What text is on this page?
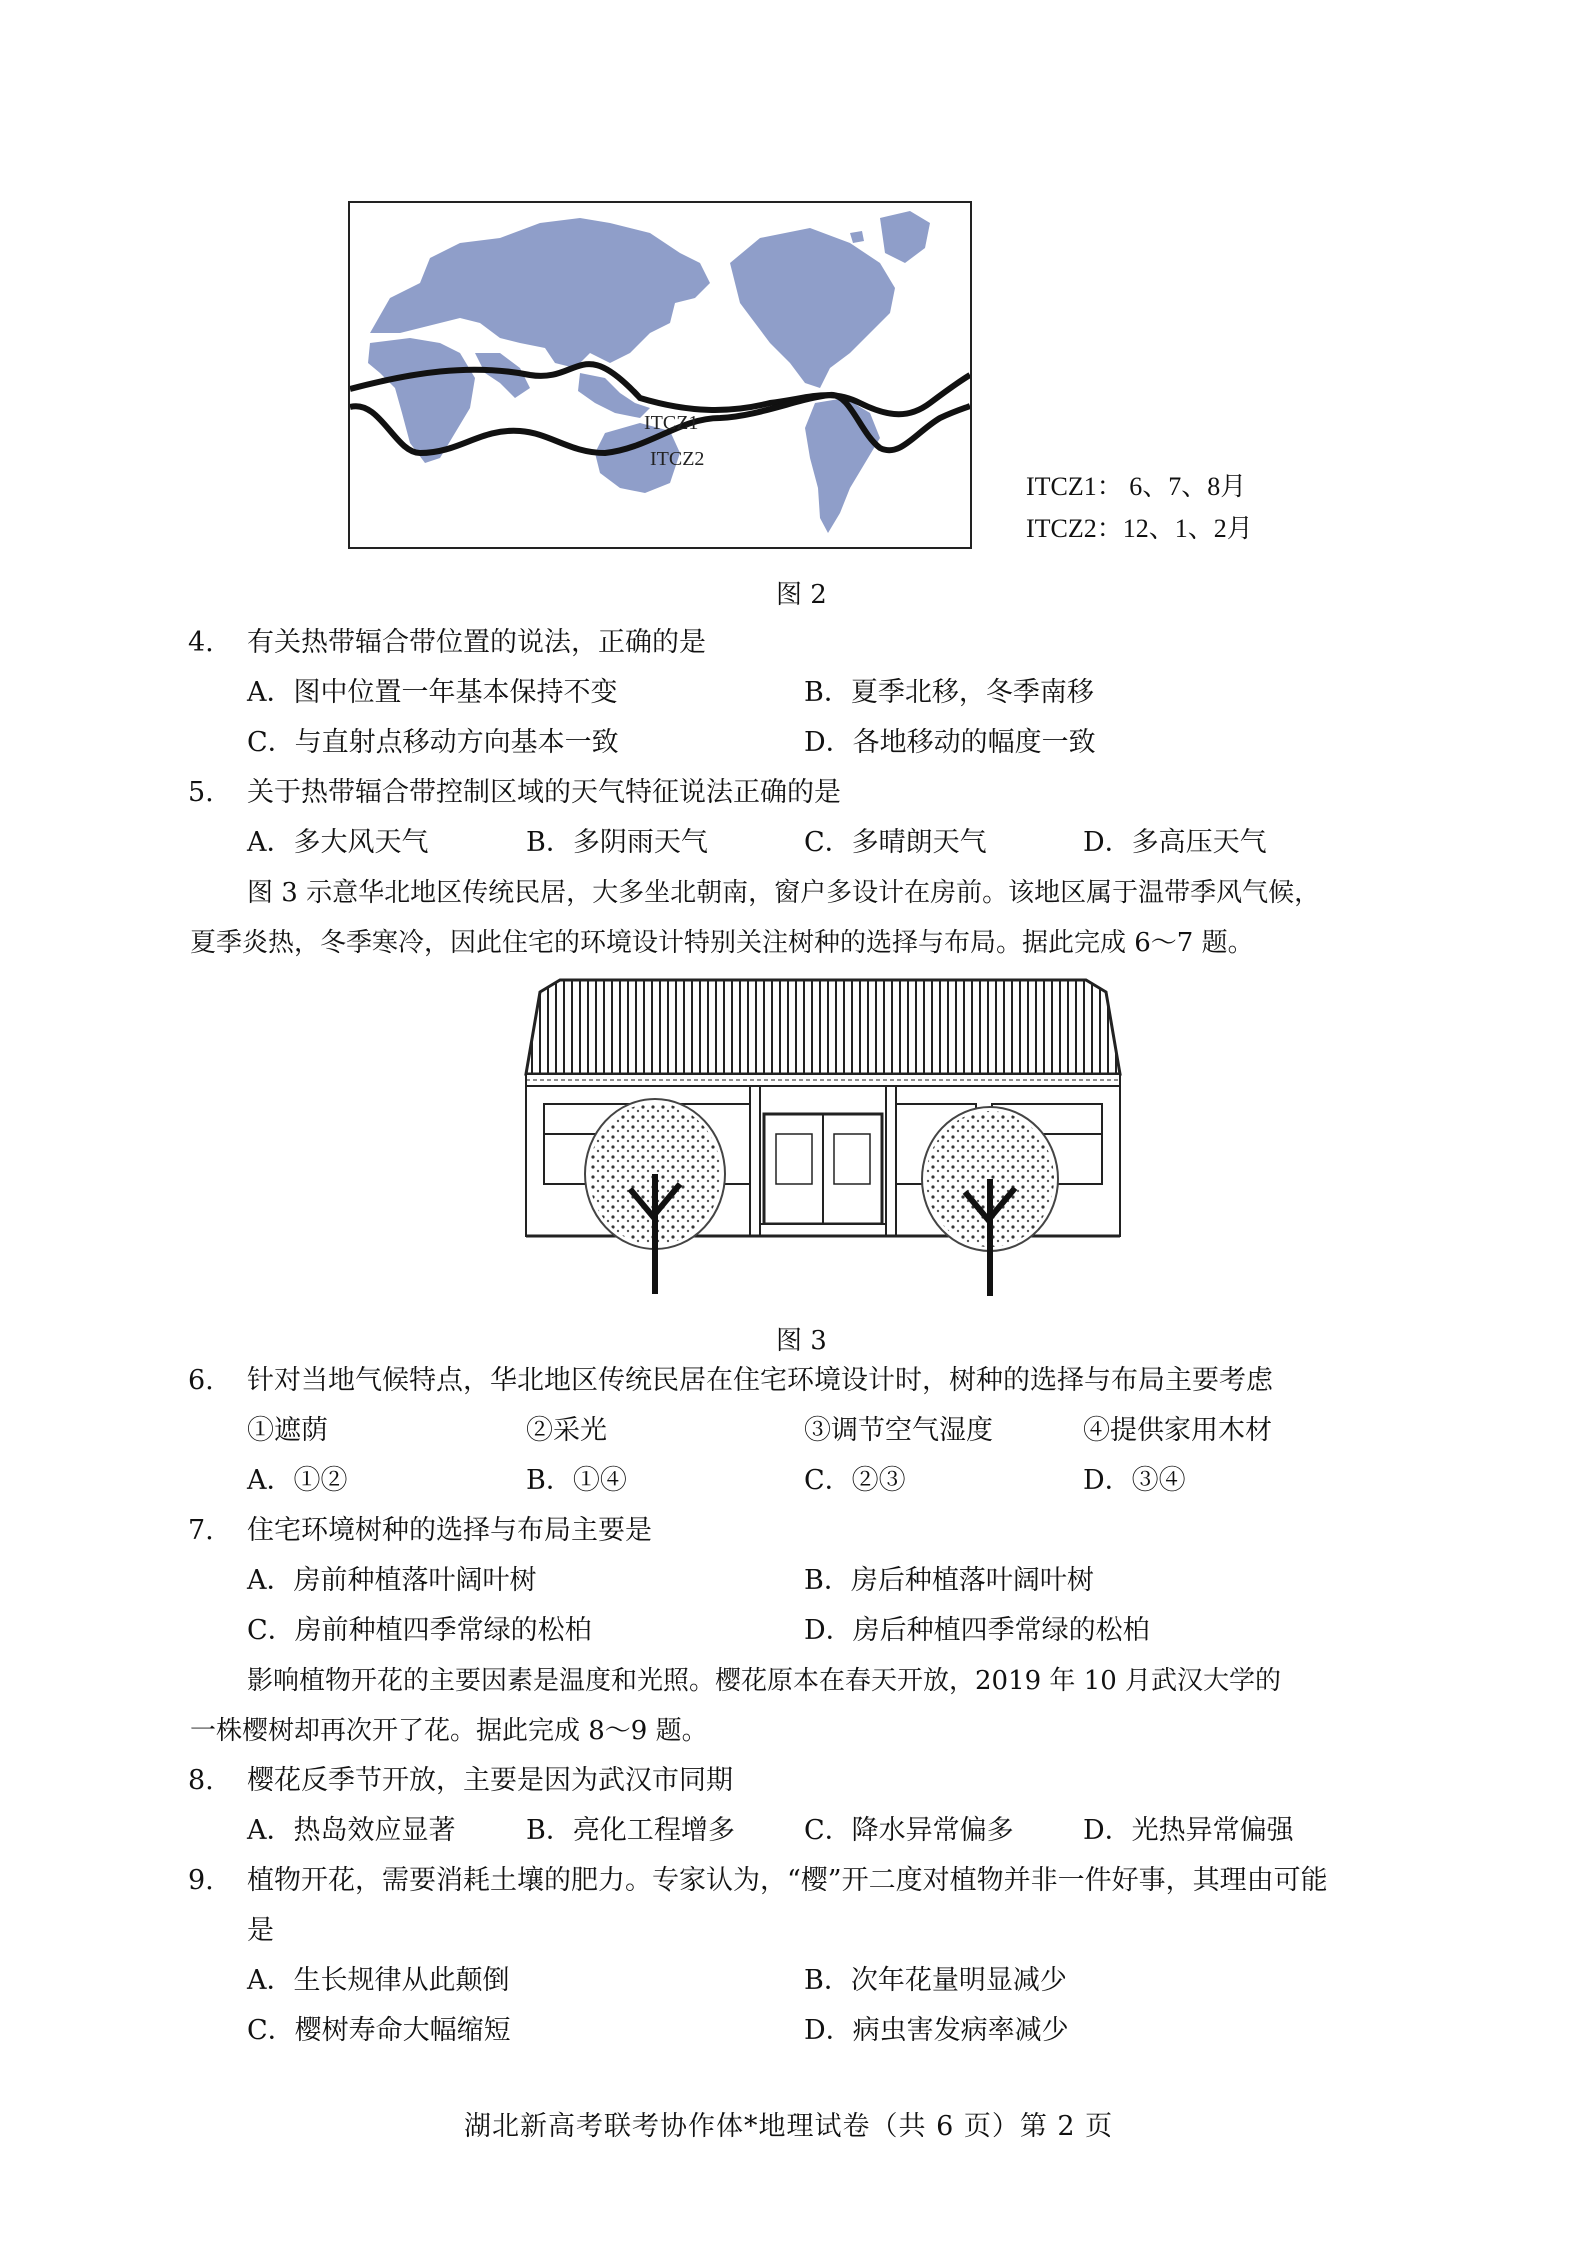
ITCZ1
ITCZ2
ITCZ1： 6、7、8月
ITCZ2：12、1、2月
图 2
4. 有关热带辐合带位置的说法，正确的是
A．图中位置一年基本保持不变	B．夏季北移，冬季南移
C．与直射点移动方向基本一致	D．各地移动的幅度一致
5. 关于热带辐合带控制区域的天气特征说法正确的是
A．多大风天气	B．多阴雨天气	C．多晴朗天气	D．多高压天气
图 3 示意华北地区传统民居，大多坐北朝南，窗户多设计在房前。该地区属于温带季风气候，
夏季炎热，冬季寒冷，因此住宅的环境设计特别关注树种的选择与布局。据此完成 6～7 题。
图 3
6. 针对当地气候特点，华北地区传统民居在住宅环境设计时，树种的选择与布局主要考虑
①遮荫	②采光	③调节空气湿度	④提供家用木材
A．①②	B．①④	C．②③	D．③④
7. 住宅环境树种的选择与布局主要是
A．房前种植落叶阔叶树	B．房后种植落叶阔叶树
C．房前种植四季常绿的松柏	D．房后种植四季常绿的松柏
影响植物开花的主要因素是温度和光照。樱花原本在春天开放，2019 年 10 月武汉大学的
一株樱树却再次开了花。据此完成 8～9 题。
8. 樱花反季节开放，主要是因为武汉市同期
A．热岛效应显著	B．亮化工程增多	C．降水异常偏多	D．光热异常偏强
9. 植物开花，需要消耗土壤的肥力。专家认为，“樱”开二度对植物并非一件好事，其理由可能
是
A．生长规律从此颠倒	B．次年花量明显减少
C．樱树寿命大幅缩短	D．病虫害发病率减少
湖北新高考联考协作体*地理试卷（共 6 页）第 2 页
